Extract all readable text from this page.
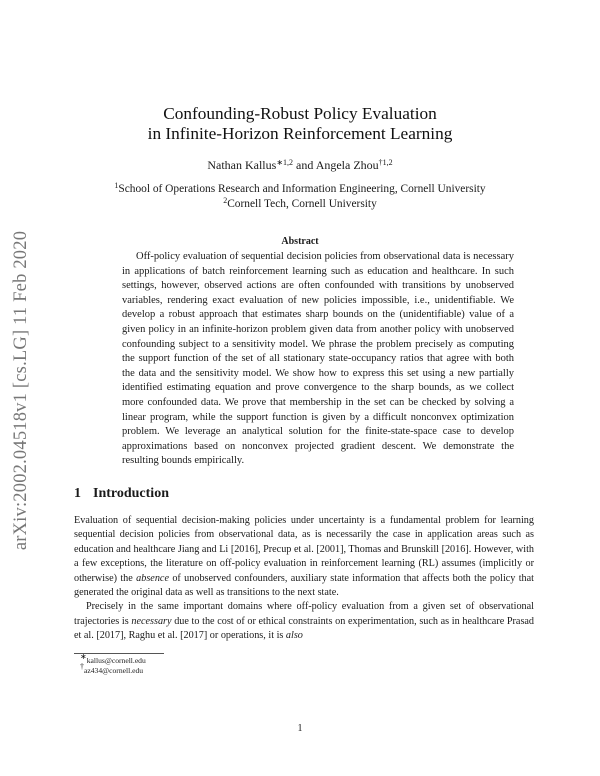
arXiv:2002.04518v1 [cs.LG] 11 Feb 2020
Confounding-Robust Policy Evaluation
in Infinite-Horizon Reinforcement Learning
Nathan Kallus$^{∗1,2}$ and Angela Zhou$^{\dagger 1,2}$
$^1$School of Operations Research and Information Engineering, Cornell University
$^2$Cornell Tech, Cornell University
Abstract
Off-policy evaluation of sequential decision policies from observational data is necessary in applications of batch reinforcement learning such as education and healthcare. In such settings, however, observed actions are often confounded with transitions by unobserved variables, rendering exact evaluation of new policies impossible, i.e., unidentifiable. We develop a robust approach that estimates sharp bounds on the (unidentifiable) value of a given policy in an infinite-horizon problem given data from another policy with unobserved confounding subject to a sensitivity model. We phrase the problem precisely as computing the support function of the set of all stationary state-occupancy ratios that agree with both the data and the sensitivity model. We show how to express this set using a new partially identified estimating equation and prove convergence to the sharp bounds, as we collect more confounded data. We prove that membership in the set can be checked by solving a linear program, while the support function is given by a difficult nonconvex optimization problem. We leverage an analytical solution for the finite-state-space case to develop approximations based on nonconvex projected gradient descent. We demonstrate the resulting bounds empirically.
1 Introduction

Evaluation of sequential decision-making policies under uncertainty is a fundamental problem for learning sequential decision policies from observational data, as is necessarily the case in application areas such as education and healthcare Jiang and Li [2016], Precup et al. [2001], Thomas and Brunskill [2016]. However, with a few exceptions, the literature on off-policy evaluation in reinforcement learning (RL) assumes (implicitly or otherwise) the absence of unobserved confounders, auxiliary state information that affects both the policy that generated the original data as well as transitions to the next state.

Precisely in the same important domains where off-policy evaluation from a given set of observational trajectories is necessary due to the cost of or ethical constraints on experimentation, such as in healthcare Prasad et al. [2017], Raghu et al. [2017] or operations, it is also

∗kallus@cornell.edu
†az434@cornell.edu
1
